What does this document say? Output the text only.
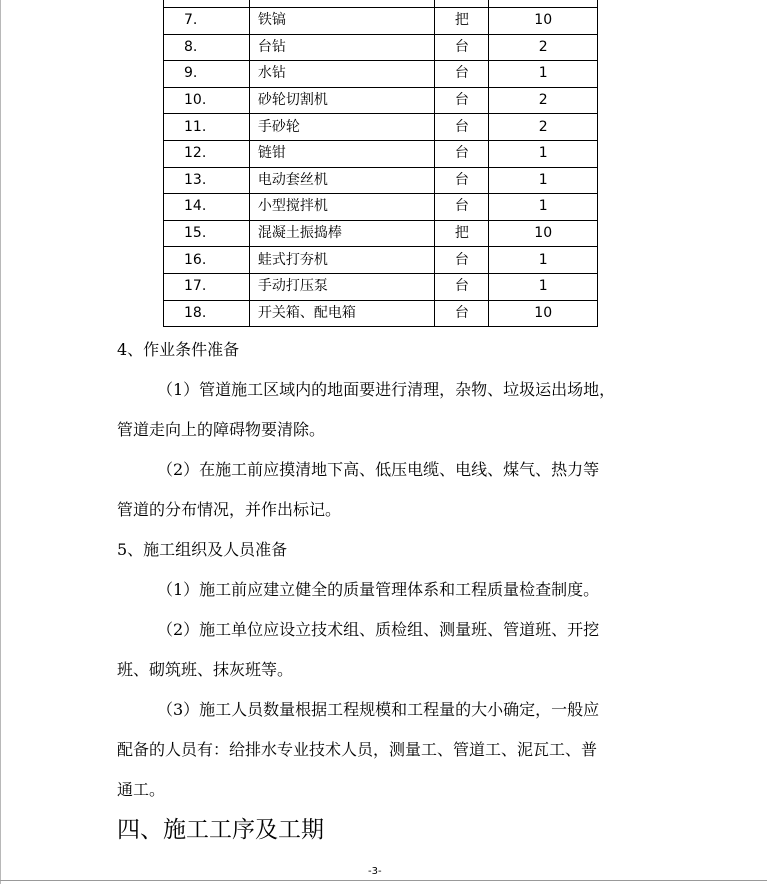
7.	铁镐	把	10
8.	台钻	台	2
9.	水钻	台	1
10.	砂轮切割机	台	2
11.	手砂轮	台	2
12.	链钳	台	1
13.	电动套丝机	台	1
14.	小型搅拌机	台	1
15.	混凝土振捣棒	把	10
16.	蛙式打夯机	台	1
17.	手动打压泵	台	1
18.	开关箱、配电箱	台	10
4、作业条件准备
（1）管道施工区域内的地面要进行清理，杂物、垃圾运出场地，
管道走向上的障碍物要清除。
（2）在施工前应摸清地下高、低压电缆、电线、煤气、热力等
管道的分布情况，并作出标记。
5、施工组织及人员准备
（1）施工前应建立健全的质量管理体系和工程质量检查制度。
（2）施工单位应设立技术组、质检组、测量班、管道班、开挖
班、砌筑班、抹灰班等。
（3）施工人员数量根据工程规模和工程量的大小确定，一般应
配备的人员有：给排水专业技术人员，测量工、管道工、泥瓦工、普
通工。
四、施工工序及工期
-3-
